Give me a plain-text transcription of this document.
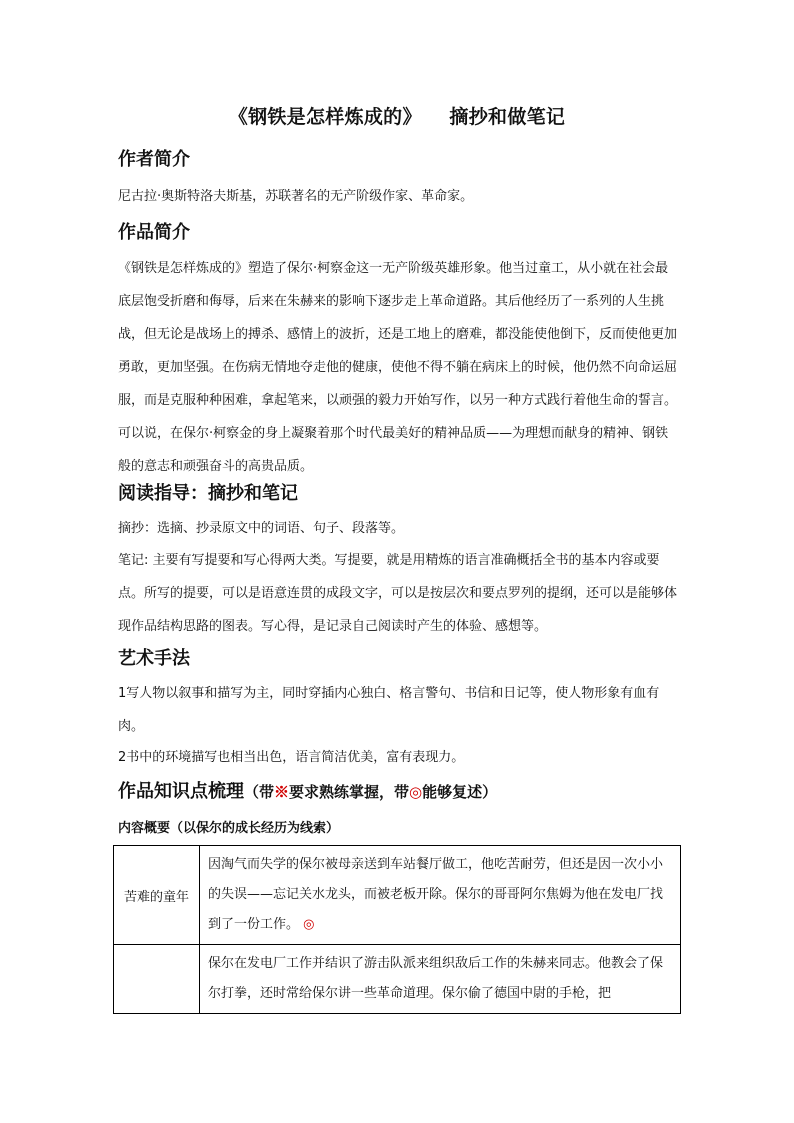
《钢铁是怎样炼成的》    摘抄和做笔记
作者简介
尼古拉·奥斯特洛夫斯基，苏联著名的无产阶级作家、革命家。
作品简介
《钢铁是怎样炼成的》塑造了保尔·柯察金这一无产阶级英雄形象。他当过童工，从小就在社会最底层饱受折磨和侮辱，后来在朱赫来的影响下逐步走上革命道路。其后他经历了一系列的人生挑战，但无论是战场上的搏杀、感情上的波折，还是工地上的磨难，都没能使他倒下，反而使他更加勇敢，更加坚强。在伤病无情地夺走他的健康，使他不得不躺在病床上的时候，他仍然不向命运屈服，而是克服种种困难，拿起笔来，以顽强的毅力开始写作，以另一种方式践行着他生命的誓言。可以说，在保尔·柯察金的身上凝聚着那个时代最美好的精神品质——为理想而献身的精神、钢铁般的意志和顽强奋斗的高贵品质。
阅读指导：摘抄和笔记
摘抄：选摘、抄录原文中的词语、句子、段落等。
笔记: 主要有写提要和写心得两大类。写提要，就是用精炼的语言准确概括全书的基本内容或要点。所写的提要，可以是语意连贯的成段文字，可以是按层次和要点罗列的提纲，还可以是能够体现作品结构思路的图表。写心得，是记录自己阅读时产生的体验、感想等。
艺术手法
1写人物以叙事和描写为主，同时穿插内心独白、格言警句、书信和日记等，使人物形象有血有肉。
2书中的环境描写也相当出色，语言简洁优美，富有表现力。
作品知识点梳理（带※要求熟练掌握，带◎能够复述）
内容概要（以保尔的成长经历为线索）
苦难的童年	因淘气而失学的保尔被母亲送到车站餐厅做工，他吃苦耐劳，但还是因一次小小的失误——忘记关水龙头，而被老板开除。保尔的哥哥阿尔焦姆为他在发电厂找到了一份工作。 ◎
	保尔在发电厂工作并结识了游击队派来组织敌后工作的朱赫来同志。他教会了保尔打拳，还时常给保尔讲一些革命道理。保尔偷了德国中尉的手枪，把
